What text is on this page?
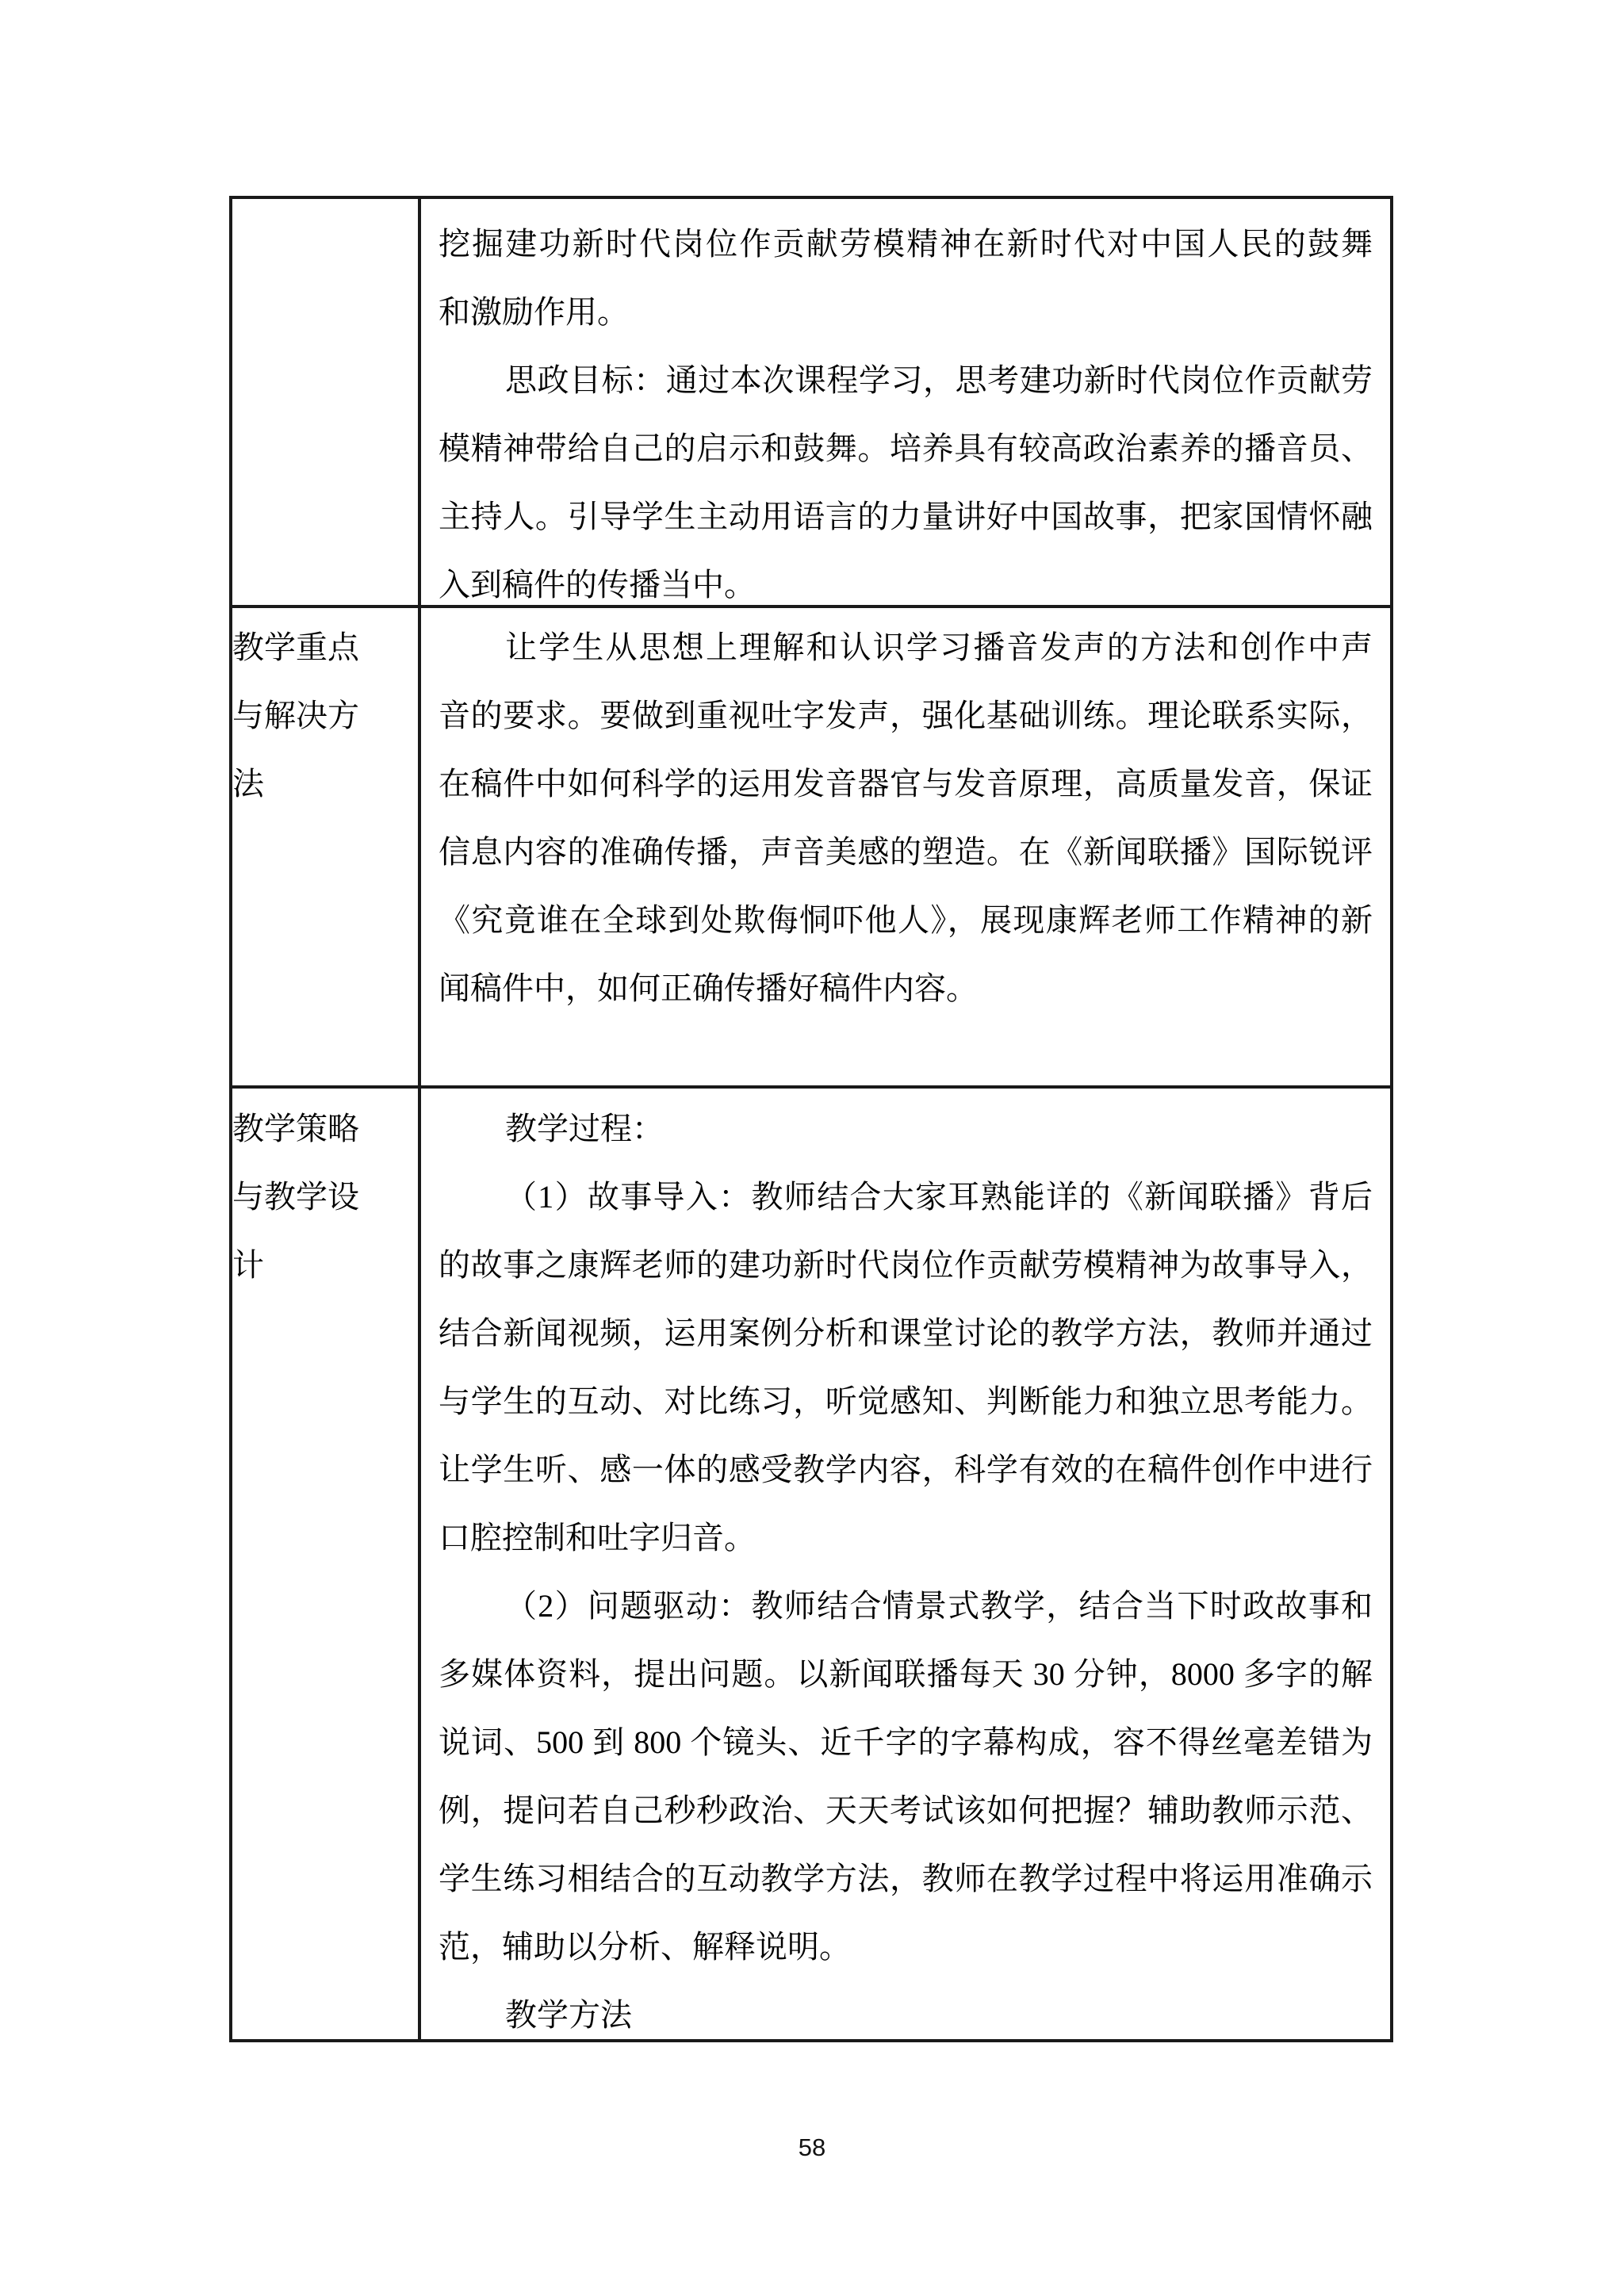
挖掘建功新时代岗位作贡献劳模精神在新时代对中国人民的鼓舞
和激励作用。
思政目标：通过本次课程学习，思考建功新时代岗位作贡献劳
模精神带给自己的启示和鼓舞。培养具有较高政治素养的播音员、
主持人。引导学生主动用语言的力量讲好中国故事，把家国情怀融
入到稿件的传播当中。
教学重点
与解决方
法
让学生从思想上理解和认识学习播音发声的方法和创作中声
音的要求。要做到重视吐字发声，强化基础训练。理论联系实际，
在稿件中如何科学的运用发音器官与发音原理，高质量发音，保证
信息内容的准确传播，声音美感的塑造。在《新闻联播》国际锐评
《究竟谁在全球到处欺侮恫吓他人》，展现康辉老师工作精神的新
闻稿件中，如何正确传播好稿件内容。
教学策略
与教学设
计
教学过程：
（1）故事导入：教师结合大家耳熟能详的《新闻联播》背后
的故事之康辉老师的建功新时代岗位作贡献劳模精神为故事导入，
结合新闻视频，运用案例分析和课堂讨论的教学方法，教师并通过
与学生的互动、对比练习，听觉感知、判断能力和独立思考能力。
让学生听、感一体的感受教学内容，科学有效的在稿件创作中进行
口腔控制和吐字归音。
（2）问题驱动：教师结合情景式教学，结合当下时政故事和
多媒体资料，提出问题。以新闻联播每天 30 分钟，8000 多字的解
说词、500 到 800 个镜头、近千字的字幕构成，容不得丝毫差错为
例，提问若自己秒秒政治、天天考试该如何把握？辅助教师示范、
学生练习相结合的互动教学方法，教师在教学过程中将运用准确示
范，辅助以分析、解释说明。
教学方法
58
